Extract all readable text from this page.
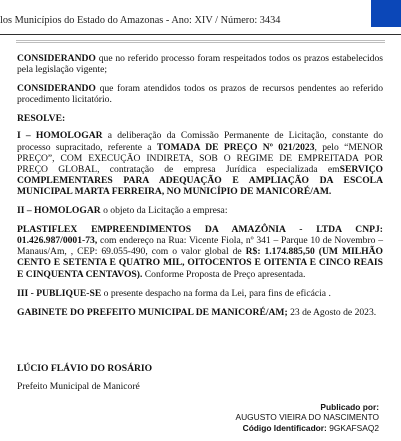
los Municípios do Estado do Amazonas - Ano: XIV / Número: 3434

CONSIDERANDO que no referido processo foram respeitados todos os prazos estabelecidos pela legislação vigente;

CONSIDERANDO que foram atendidos todos os prazos de recursos pendentes ao referido procedimento licitatório.

RESOLVE:

I – HOMOLOGAR a deliberação da Comissão Permanente de Licitação, constante do processo supracitado, referente a TOMADA DE PREÇO Nº 021/2023, pelo “MENOR PREÇO”, COM EXECUÇÃO INDIRETA, SOB O REGIME DE EMPREITADA POR PREÇO GLOBAL, contratação de empresa Jurídica especializada emSERVIÇO COMPLEMENTARES PARA ADEQUAÇÃO E AMPLIAÇÃO DA ESCOLA MUNICIPAL MARTA FERREIRA, NO MUNICÍPIO DE MANICORÉ/AM.

II – HOMOLOGAR o objeto da Licitação a empresa:

PLASTIFLEX EMPREENDIMENTOS DA AMAZÔNIA - LTDA CNPJ: 01.426.987/0001-73, com endereço na Rua: Vicente Fiola, nº 341 – Parque 10 de Novembro – Manaus/Am, , CEP: 69.055-490, com o valor global de R$: 1.174.885,50 (UM MILHÃO CENTO E SETENTA E QUATRO MIL, OITOCENTOS E OITENTA E CINCO REAIS E CINQUENTA CENTAVOS). Conforme Proposta de Preço apresentada.

III - PUBLIQUE-SE o presente despacho na forma da Lei, para fins de eficácia .

GABINETE DO PREFEITO MUNICIPAL DE MANICORÉ/AM; 23 de Agosto de 2023.

LÚCIO FLÁVIO DO ROSÁRIO
Prefeito Municipal de Manicoré
Publicado por:
AUGUSTO VIEIRA DO NASCIMENTO
Código Identificador: 9GKAFSAQ2
